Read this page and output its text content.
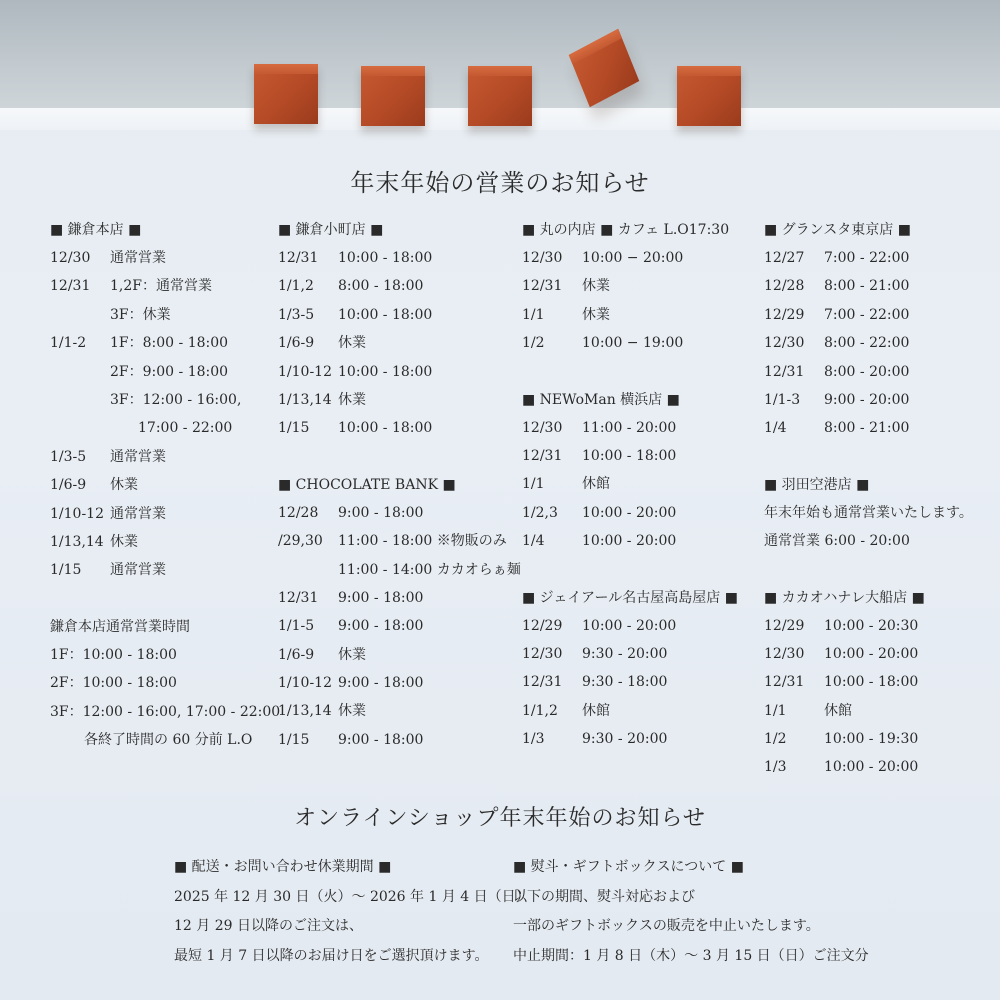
年末年始の営業のお知らせ
■ 鎌倉本店 ■
12/30	通常営業
12/31	1,2F：通常営業
3F：休業
1/1-2	1F：8:00 - 18:00
2F：9:00 - 18:00
3F：12:00 - 16:00,
　　17:00 - 22:00
1/3-5	通常営業
1/6-9	休業
1/10-12 通常営業
1/13,14 休業
1/15	通常営業
鎌倉本店通常営業時間
1F：10:00 - 18:00
2F：10:00 - 18:00
3F：12:00 - 16:00, 17:00 - 22:00
各終了時間の 60 分前 L.O
■ 鎌倉小町店 ■
12/31	10:00 - 18:00
1/1,2	8:00 - 18:00
1/3-5	10:00 - 18:00
1/6-9	休業
1/10-12 10:00 - 18:00
1/13,14 休業
1/15	10:00 - 18:00
■ CHOCOLATE BANK ■
12/28	9:00 - 18:00
/29,30	11:00 - 18:00 ※物販のみ
11:00 - 14:00 カカオらぁ麺
12/31	9:00 - 18:00
1/1-5	9:00 - 18:00
1/6-9	休業
1/10-12 9:00 - 18:00
1/13,14 休業
1/15	9:00 - 18:00
■ 丸の内店 ■ カフェ L.O17:30
12/30	10:00 − 20:00
12/31	休業
1/1	休業
1/2	10:00 − 19:00
■ NEWoMan 横浜店 ■
12/30	11:00 - 20:00
12/31	10:00 - 18:00
1/1	休館
1/2,3	10:00 - 20:00
1/4	10:00 - 20:00
■ ジェイアール名古屋高島屋店 ■
12/29	10:00 - 20:00
12/30	9:30 - 20:00
12/31	9:30 - 18:00
1/1,2	休館
1/3	9:30 - 20:00
■ グランスタ東京店 ■
12/27	7:00 - 22:00
12/28	8:00 - 21:00
12/29	7:00 - 22:00
12/30	8:00 - 22:00
12/31	8:00 - 20:00
1/1-3	9:00 - 20:00
1/4	8:00 - 21:00
■ 羽田空港店 ■
年末年始も通常営業いたします。
通常営業 6:00 - 20:00
■ カカオハナレ大船店 ■
12/29	10:00 - 20:30
12/30	10:00 - 20:00
12/31	10:00 - 18:00
1/1	休館
1/2	10:00 - 19:30
1/3	10:00 - 20:00
オンラインショップ年末年始のお知らせ
■ 配送・お問い合わせ休業期間 ■
2025 年 12 月 30 日（火）～ 2026 年 1 月 4 日（日）
12 月 29 日以降のご注文は、
最短 1 月 7 日以降のお届け日をご選択頂けます。
■ 熨斗・ギフトボックスについて ■
以下の期間、熨斗対応および
一部のギフトボックスの販売を中止いたします。
中止期間：1 月 8 日（木）～ 3 月 15 日（日）ご注文分
